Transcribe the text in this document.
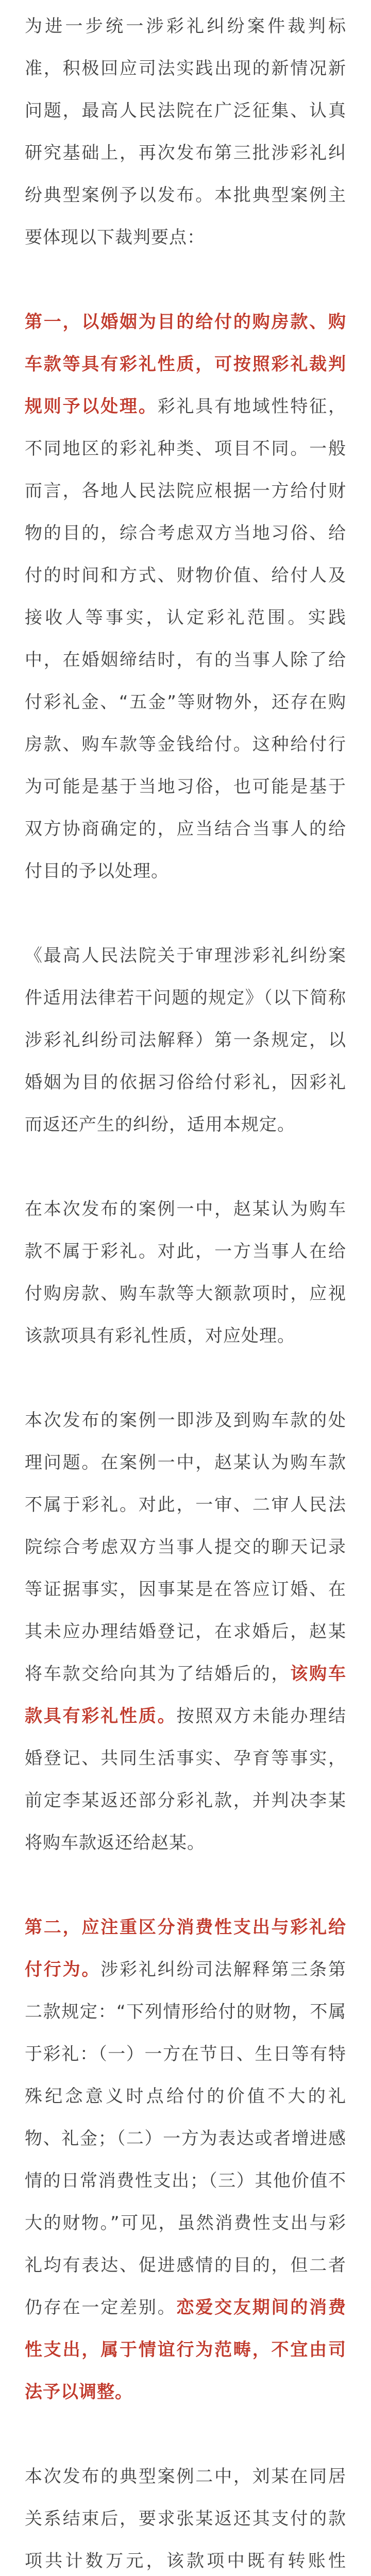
为进一步统一涉彩礼纠纷案件裁判标准，积极回应司法实践出现的新情况新问题，最高人民法院在广泛征集、认真研究基础上，再次发布第三批涉彩礼纠纷典型案例予以发布。本批典型案例主要体现以下裁判要点：

第一，以婚姻为目的给付的购房款、购车款等具有彩礼性质，可按照彩礼裁判规则予以处理。彩礼具有地域性特征，不同地区的彩礼种类、项目不同。一般而言，各地人民法院应根据一方给付财物的目的，综合考虑双方当地习俗、给付的时间和方式、财物价值、给付人及接收人等事实，认定彩礼范围。实践中，在婚姻缔结时，有的当事人除了给付彩礼金、“五金”等财物外，还存在购房款、购车款等金钱给付。这种给付行为可能是基于当地习俗，也可能是基于双方协商确定的，应当结合当事人的给付目的予以处理。

《最高人民法院关于审理涉彩礼纠纷案件适用法律若干问题的规定》（以下简称涉彩礼纠纷司法解释）第一条规定，以婚姻为目的依据习俗给付彩礼，因彩礼而返还产生的纠纷，适用本规定。

在本次发布的案例一中，赵某认为购车款不属于彩礼。对此，一方当事人在给付购房款、购车款等大额款项时，应视该款项具有彩礼性质，对应处理。

本次发布的案例一即涉及到购车款的处理问题。在案例一中，赵某认为购车款不属于彩礼。对此，一审、二审人民法院综合考虑双方当事人提交的聊天记录等证据事实，因事某是在答应订婚、在其未应办理结婚登记，在求婚后，赵某将车款交给向其为了结婚后的，该购车款具有彩礼性质。按照双方未能办理结婚登记、共同生活事实、孕育等事实，前定李某返还部分彩礼款，并判决李某将购车款返还给赵某。

第二，应注重区分消费性支出与彩礼给付行为。涉彩礼纠纷司法解释第三条第二款规定：“下列情形给付的财物，不属于彩礼：（一）一方在节日、生日等有特殊纪念意义时点给付的价值不大的礼物、礼金；（二）一方为表达或者增进感情的日常消费性支出；（三）其他价值不大的财物。”可见，虽然消费性支出与彩礼均有表达、促进感情的目的，但二者仍存在一定差别。恋爱交友期间的消费性支出，属于情谊行为范畴，不宜由司法予以调整。

本次发布的典型案例二中，刘某在同居关系结束后，要求张某返还其支付的款项共计数万元，该款项中既有转账性
